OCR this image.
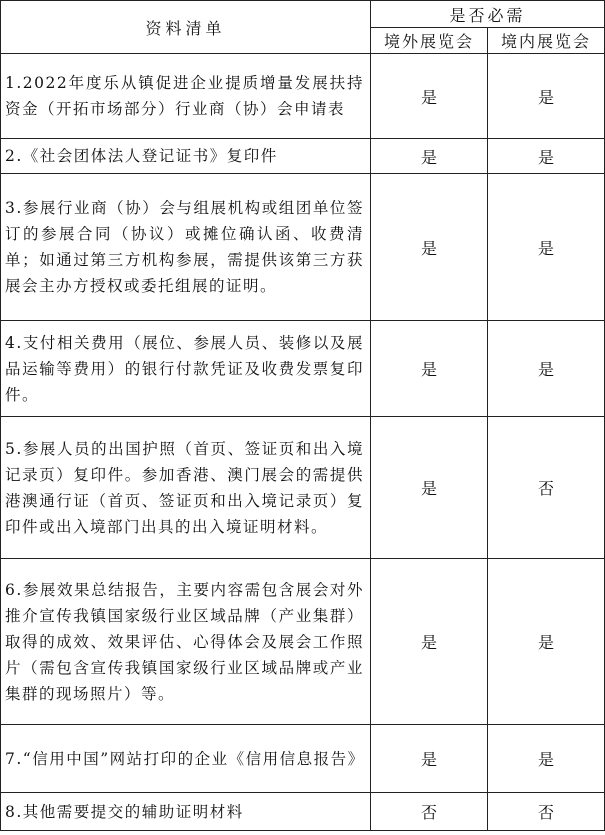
资料清单	是否必需	
	境外展览会	境内展览会
1.2022年度乐从镇促进企业提质增量发展扶持资金（开拓市场部分）行业商（协）会申请表	是	是
2.《社会团体法人登记证书》复印件	是	是
3.参展行业商（协）会与组展机构或组团单位签订的参展合同（协议）或摊位确认函、收费清单；如通过第三方机构参展，需提供该第三方获展会主办方授权或委托组展的证明。	是	是
4.支付相关费用（展位、参展人员、装修以及展品运输等费用）的银行付款凭证及收费发票复印件。	是	是
5.参展人员的出国护照（首页、签证页和出入境记录页）复印件。参加香港、澳门展会的需提供港澳通行证（首页、签证页和出入境记录页）复印件或出入境部门出具的出入境证明材料。	是	否
6.参展效果总结报告，主要内容需包含展会对外推介宣传我镇国家级行业区域品牌（产业集群）取得的成效、效果评估、心得体会及展会工作照片（需包含宣传我镇国家级行业区域品牌或产业集群的现场照片）等。	是	是
7.“信用中国”网站打印的企业《信用信息报告》	是	是
8.其他需要提交的辅助证明材料	否	否
